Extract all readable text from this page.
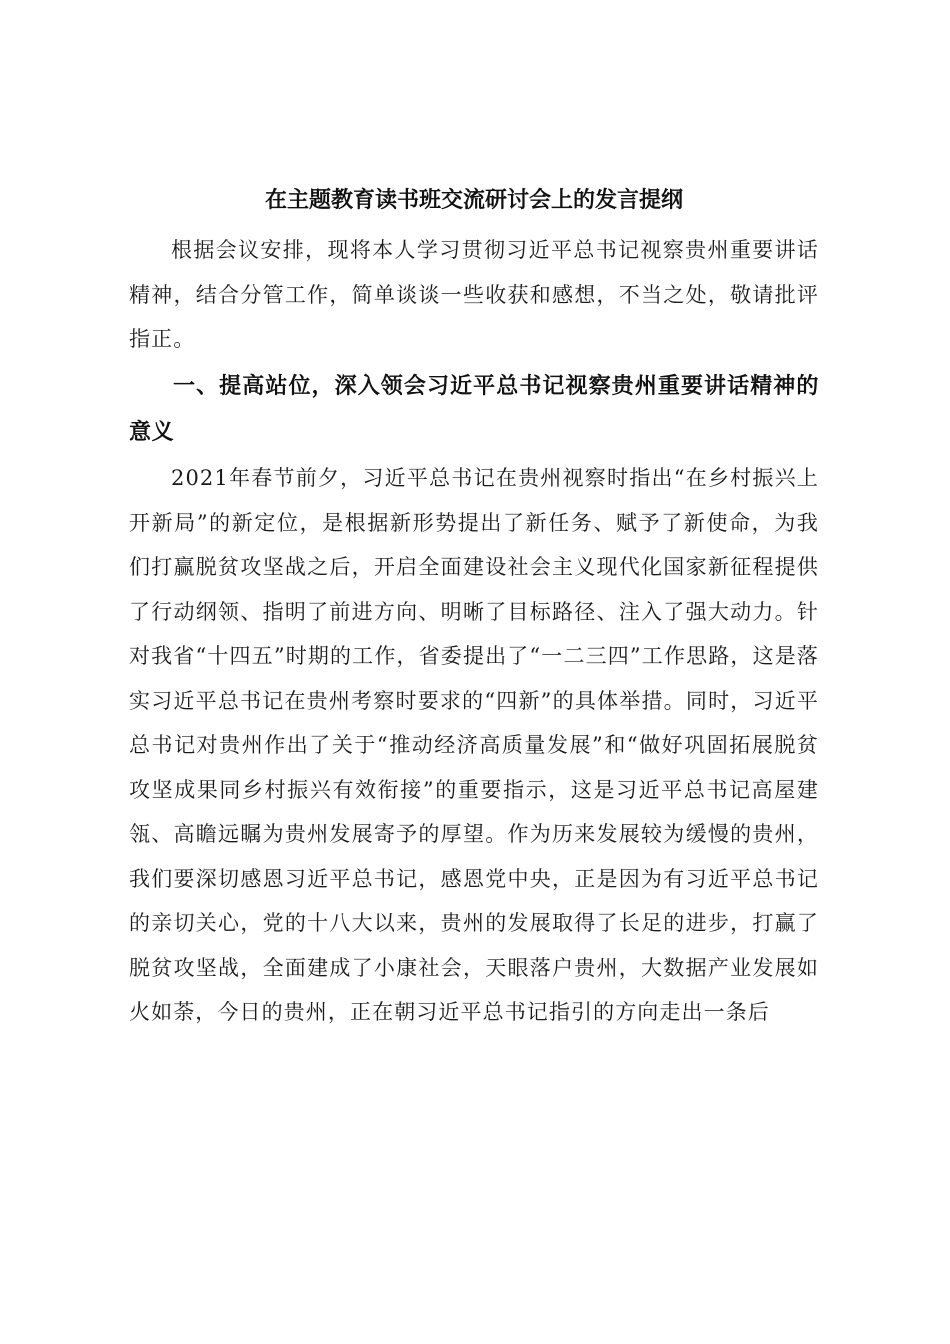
在主题教育读书班交流研讨会上的发言提纲

根据会议安排，现将本人学习贯彻习近平总书记视察贵州重要讲话精神，结合分管工作，简单谈谈一些收获和感想，不当之处，敬请批评指正。

一、提高站位，深入领会习近平总书记视察贵州重要讲话精神的意义

2021年春节前夕，习近平总书记在贵州视察时指出“在乡村振兴上开新局”的新定位，是根据新形势提出了新任务、赋予了新使命，为我们打赢脱贫攻坚战之后，开启全面建设社会主义现代化国家新征程提供了行动纲领、指明了前进方向、明晰了目标路径、注入了强大动力。针对我省“十四五”时期的工作，省委提出了“一二三四”工作思路，这是落实习近平总书记在贵州考察时要求的“四新”的具体举措。同时，习近平总书记对贵州作出了关于“推动经济高质量发展”和“做好巩固拓展脱贫攻坚成果同乡村振兴有效衔接”的重要指示，这是习近平总书记高屋建瓴、高瞻远瞩为贵州发展寄予的厚望。作为历来发展较为缓慢的贵州，我们要深切感恩习近平总书记，感恩党中央，正是因为有习近平总书记的亲切关心，党的十八大以来，贵州的发展取得了长足的进步，打赢了脱贫攻坚战，全面建成了小康社会，天眼落户贵州，大数据产业发展如火如荼，今日的贵州，正在朝习近平总书记指引的方向走出一条后
